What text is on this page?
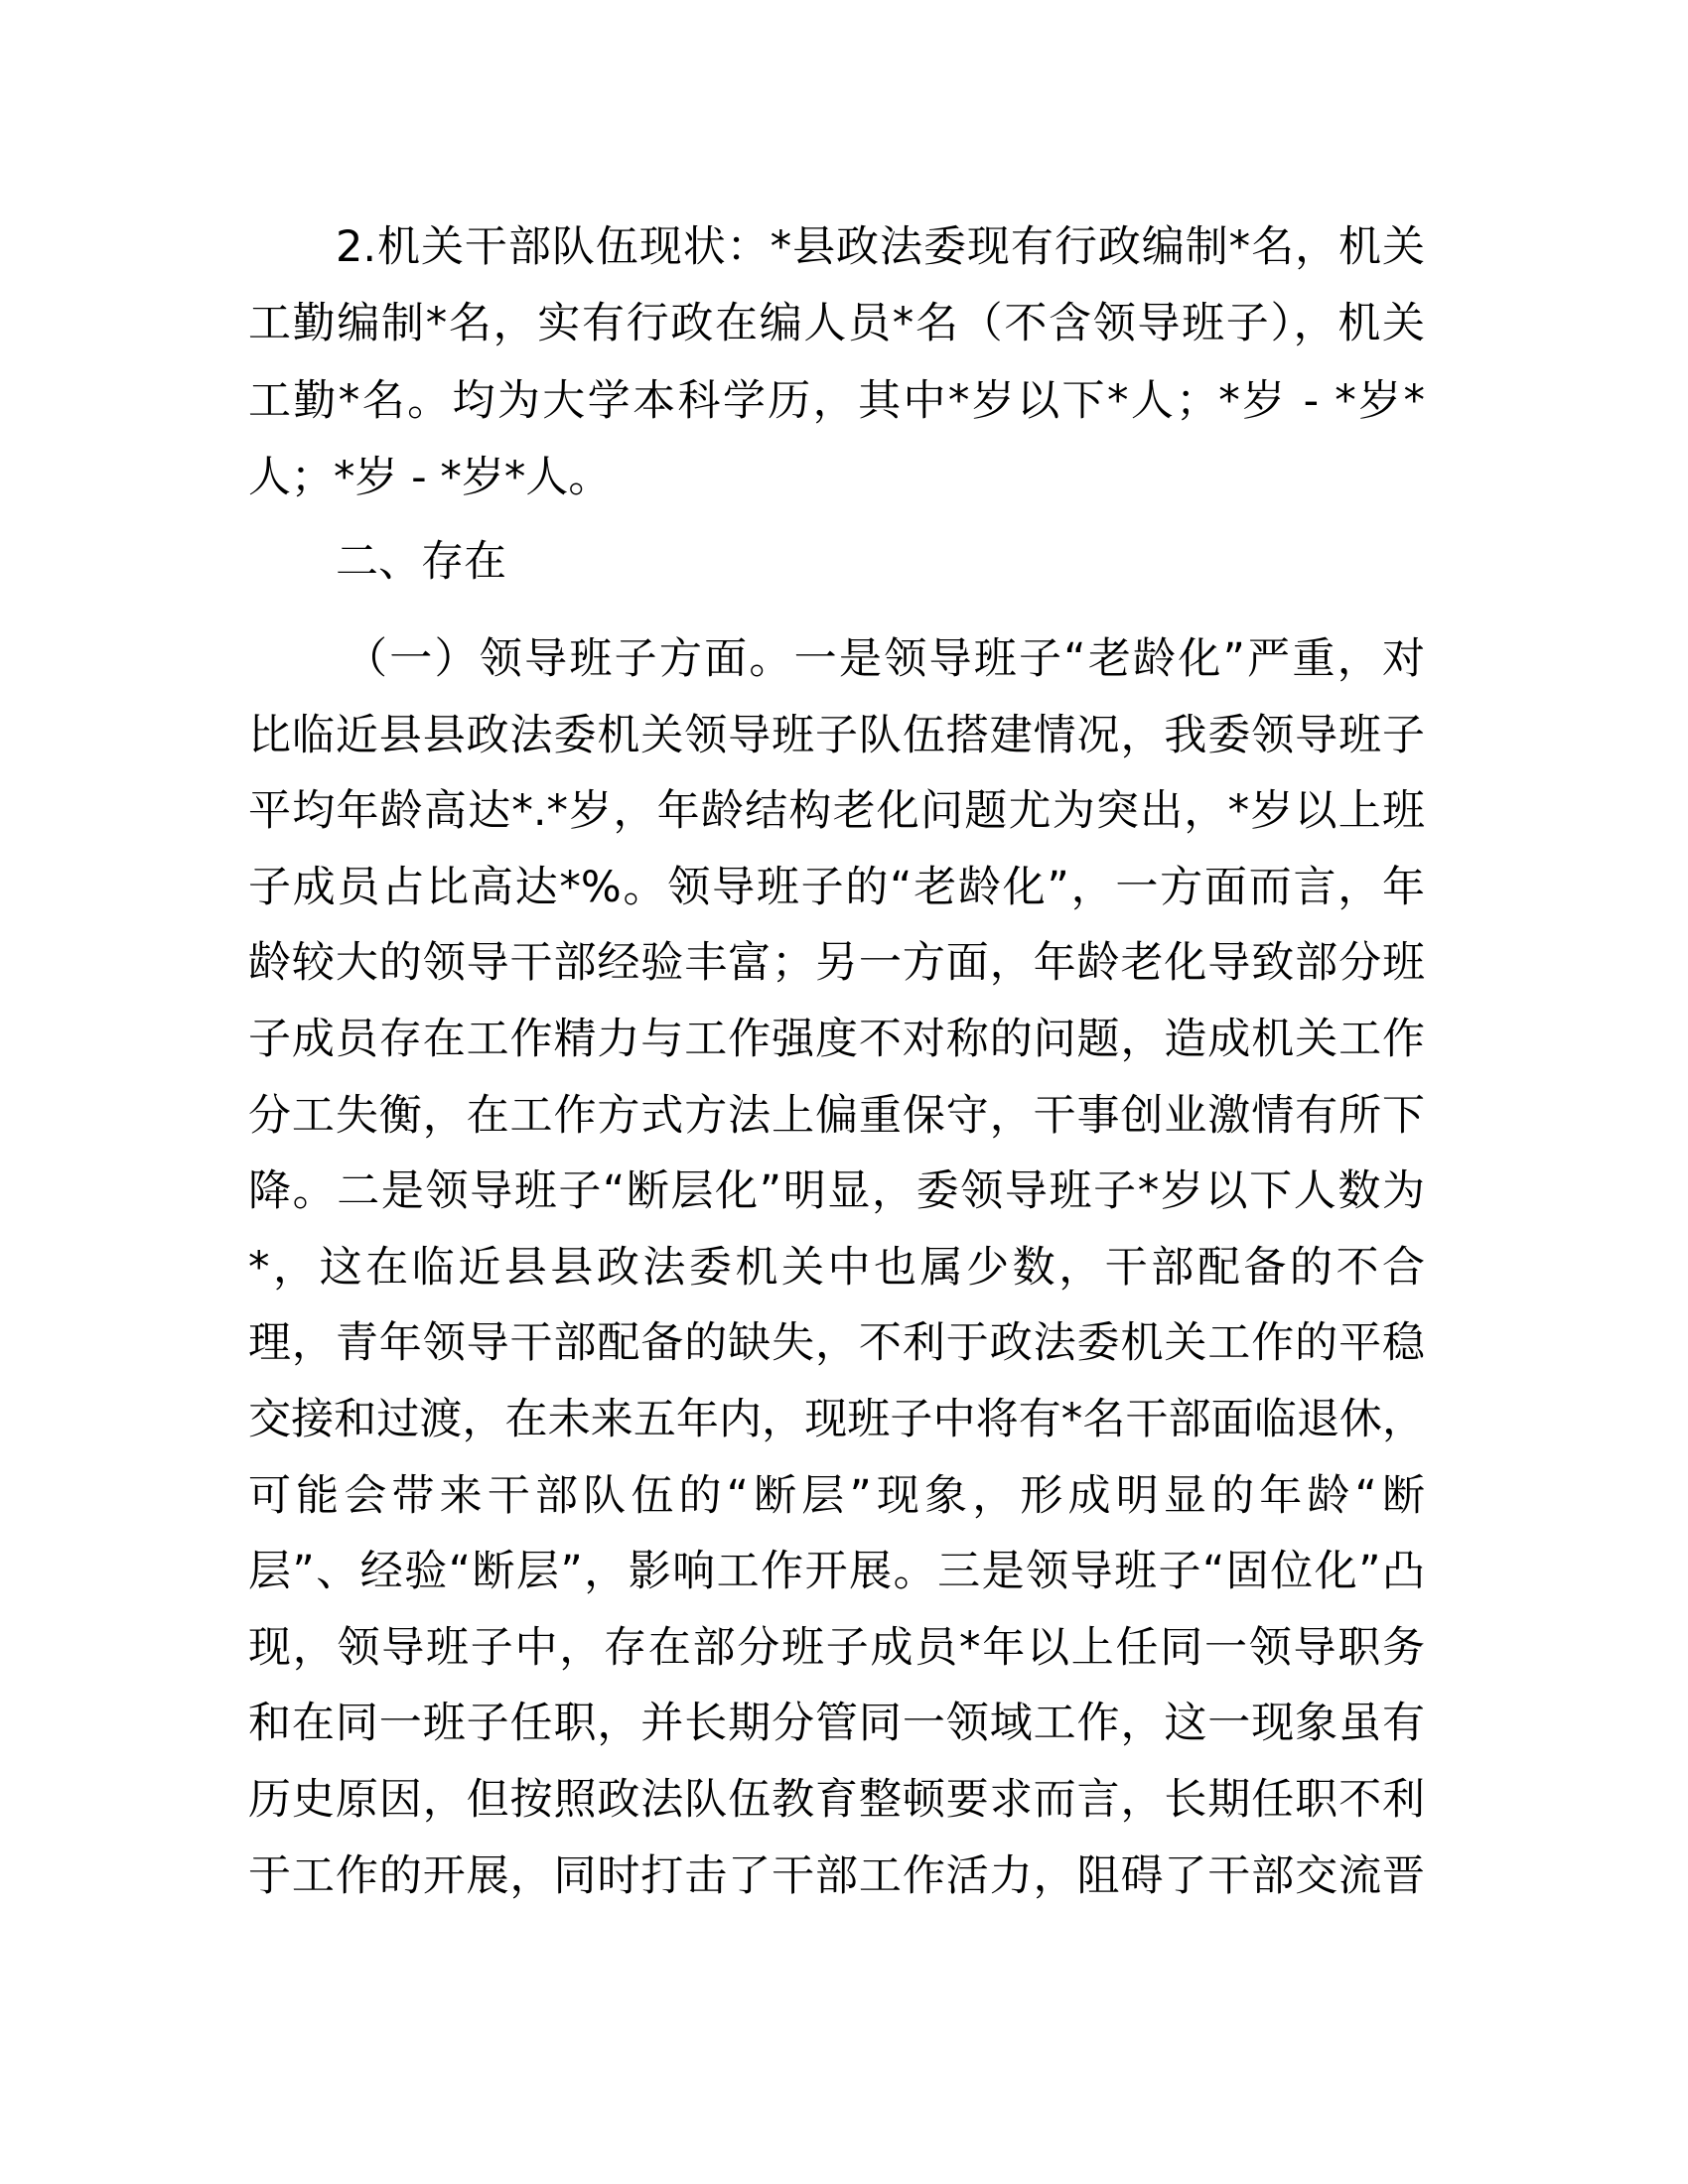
2.机关干部队伍现状：*县政法委现有行政编制*名，机关
工勤编制*名，实有行政在编人员*名（不含领导班子），机关
工勤*名。均为大学本科学历，其中*岁以下*人；*岁 - *岁*
人；*岁 - *岁*人。
二、存在
（一）领导班子方面。一是领导班子“老龄化”严重，对
比临近县县政法委机关领导班子队伍搭建情况，我委领导班子
平均年龄高达*.*岁，年龄结构老化问题尤为突出，*岁以上班
子成员占比高达*%。领导班子的“老龄化”，一方面而言，年
龄较大的领导干部经验丰富；另一方面，年龄老化导致部分班
子成员存在工作精力与工作强度不对称的问题，造成机关工作
分工失衡，在工作方式方法上偏重保守，干事创业激情有所下
降。二是领导班子“断层化”明显，委领导班子*岁以下人数为
*，这在临近县县政法委机关中也属少数，干部配备的不合
理，青年领导干部配备的缺失，不利于政法委机关工作的平稳
交接和过渡，在未来五年内，现班子中将有*名干部面临退休，
可能会带来干部队伍的“断层”现象，形成明显的年龄“断
层”、经验“断层”，影响工作开展。三是领导班子“固位化”凸
现，领导班子中，存在部分班子成员*年以上任同一领导职务
和在同一班子任职，并长期分管同一领域工作，这一现象虽有
历史原因，但按照政法队伍教育整顿要求而言，长期任职不利
于工作的开展，同时打击了干部工作活力，阻碍了干部交流晋
